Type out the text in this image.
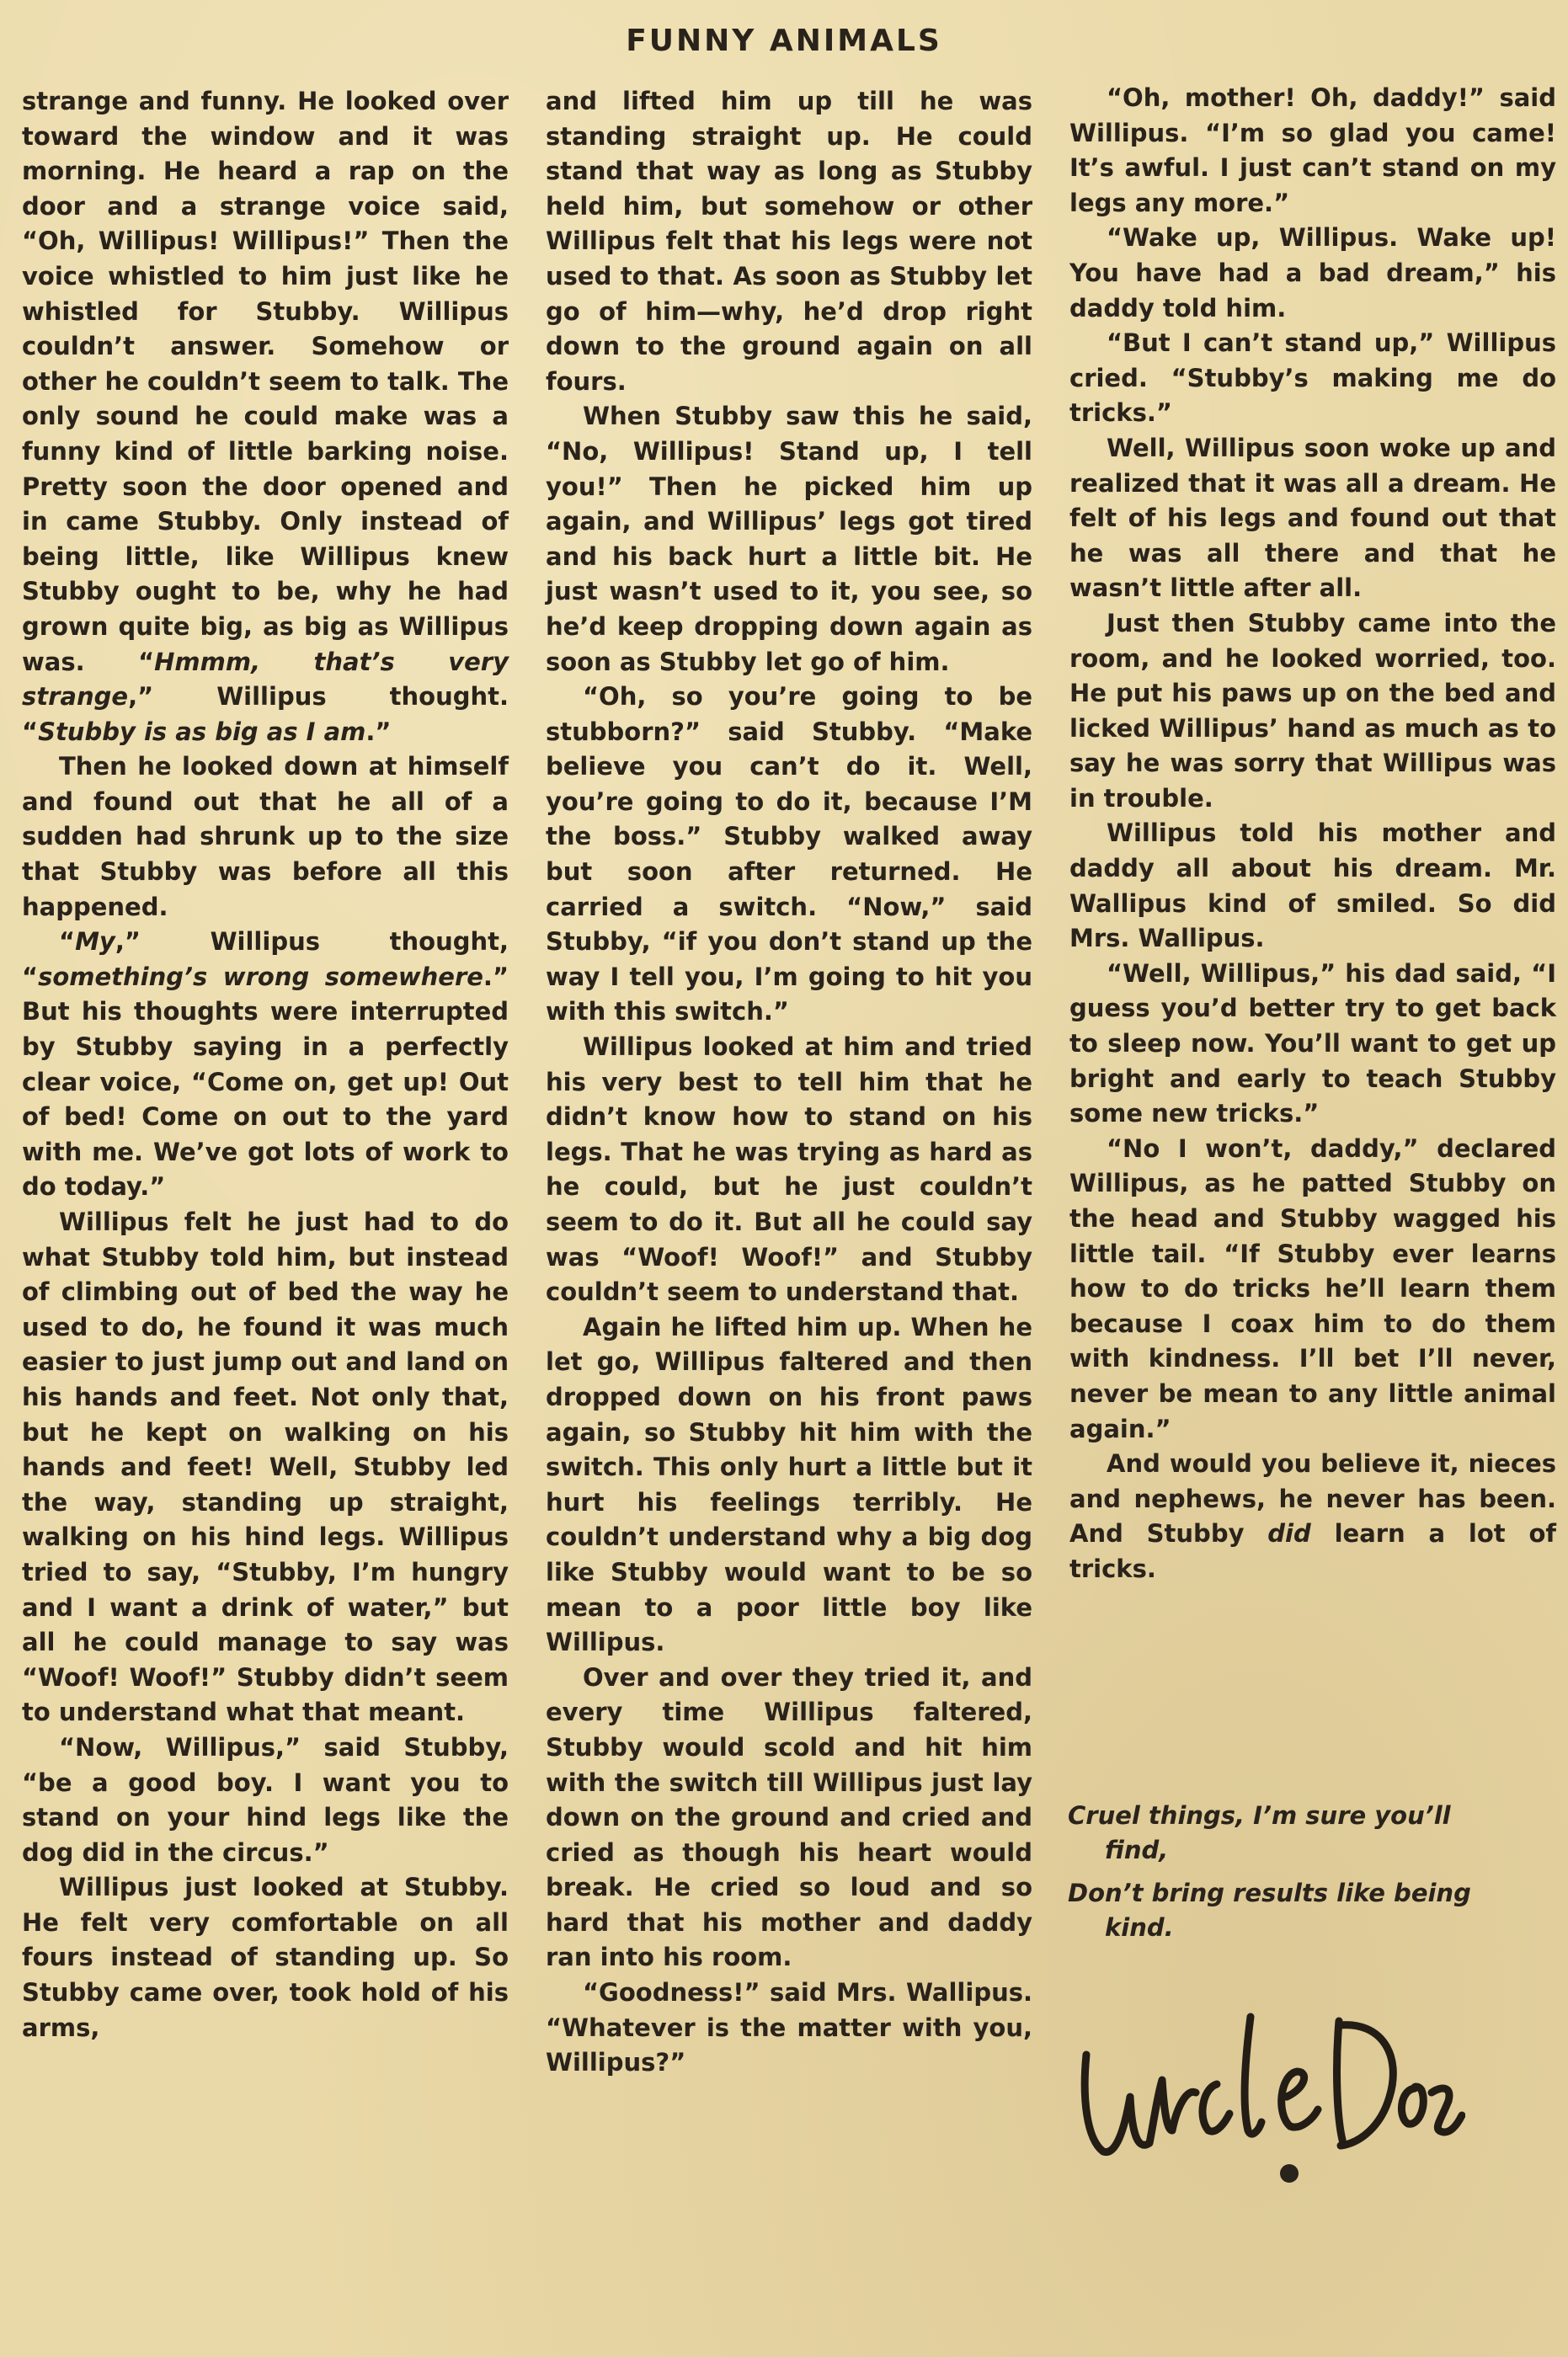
FUNNY ANIMALS

strange and funny. He looked over toward the window and it was morning. He heard a rap on the door and a strange voice said, “Oh, Willipus! Willipus!” Then the voice whistled to him just like he whistled for Stubby. Willipus couldn’t answer. Somehow or other he couldn’t seem to talk. The only sound he could make was a funny kind of little barking noise. Pretty soon the door opened and in came Stubby. Only instead of being little, like Willipus knew Stubby ought to be, why he had grown quite big, as big as Willipus was. “Hmmm, that’s very strange,” Willipus thought. “Stubby is as big as I am.”

Then he looked down at himself and found out that he all of a sudden had shrunk up to the size that Stubby was before all this happened.

“My,” Willipus thought, “something’s wrong somewhere.” But his thoughts were interrupted by Stubby saying in a perfectly clear voice, “Come on, get up! Out of bed! Come on out to the yard with me. We’ve got lots of work to do today.”

Willipus felt he just had to do what Stubby told him, but instead of climbing out of bed the way he used to do, he found it was much easier to just jump out and land on his hands and feet. Not only that, but he kept on walking on his hands and feet! Well, Stubby led the way, standing up straight, walking on his hind legs. Willipus tried to say, “Stubby, I’m hungry and I want a drink of water,” but all he could manage to say was “Woof! Woof!” Stubby didn’t seem to understand what that meant.

“Now, Willipus,” said Stubby, “be a good boy. I want you to stand on your hind legs like the dog did in the circus.”

Willipus just looked at Stubby. He felt very comfortable on all fours instead of standing up. So Stubby came over, took hold of his arms,

and lifted him up till he was standing straight up. He could stand that way as long as Stubby held him, but somehow or other Willipus felt that his legs were not used to that. As soon as Stubby let go of him—why, he’d drop right down to the ground again on all fours.

When Stubby saw this he said, “No, Willipus! Stand up, I tell you!” Then he picked him up again, and Willipus’ legs got tired and his back hurt a little bit. He just wasn’t used to it, you see, so he’d keep dropping down again as soon as Stubby let go of him.

“Oh, so you’re going to be stubborn?” said Stubby. “Make believe you can’t do it. Well, you’re going to do it, because I’M the boss.” Stubby walked away but soon after returned. He carried a switch. “Now,” said Stubby, “if you don’t stand up the way I tell you, I’m going to hit you with this switch.”

Willipus looked at him and tried his very best to tell him that he didn’t know how to stand on his legs. That he was trying as hard as he could, but he just couldn’t seem to do it. But all he could say was “Woof! Woof!” and Stubby couldn’t seem to understand that.

Again he lifted him up. When he let go, Willipus faltered and then dropped down on his front paws again, so Stubby hit him with the switch. This only hurt a little but it hurt his feelings terribly. He couldn’t understand why a big dog like Stubby would want to be so mean to a poor little boy like Willipus.

Over and over they tried it, and every time Willipus faltered, Stubby would scold and hit him with the switch till Willipus just lay down on the ground and cried and cried as though his heart would break. He cried so loud and so hard that his mother and daddy ran into his room.

“Goodness!” said Mrs. Wallipus. “Whatever is the matter with you, Willipus?”

“Oh, mother! Oh, daddy!” said Willipus. “I’m so glad you came! It’s awful. I just can’t stand on my legs any more.”

“Wake up, Willipus. Wake up! You have had a bad dream,” his daddy told him.

“But I can’t stand up,” Willipus cried. “Stubby’s making me do tricks.”

Well, Willipus soon woke up and realized that it was all a dream. He felt of his legs and found out that he was all there and that he wasn’t little after all.

Just then Stubby came into the room, and he looked worried, too. He put his paws up on the bed and licked Willipus’ hand as much as to say he was sorry that Willipus was in trouble.

Willipus told his mother and daddy all about his dream. Mr. Wallipus kind of smiled. So did Mrs. Wallipus.

“Well, Willipus,” his dad said, “I guess you’d better try to get back to sleep now. You’ll want to get up bright and early to teach Stubby some new tricks.”

“No I won’t, daddy,” declared Willipus, as he patted Stubby on the head and Stubby wagged his little tail. “If Stubby ever learns how to do tricks he’ll learn them because I coax him to do them with kindness. I’ll bet I’ll never, never be mean to any little animal again.”

And would you believe it, nieces and nephews, he never has been. And Stubby did learn a lot of tricks.

Cruel things, I’m sure you’ll
find,
Don’t bring results like being
kind.
